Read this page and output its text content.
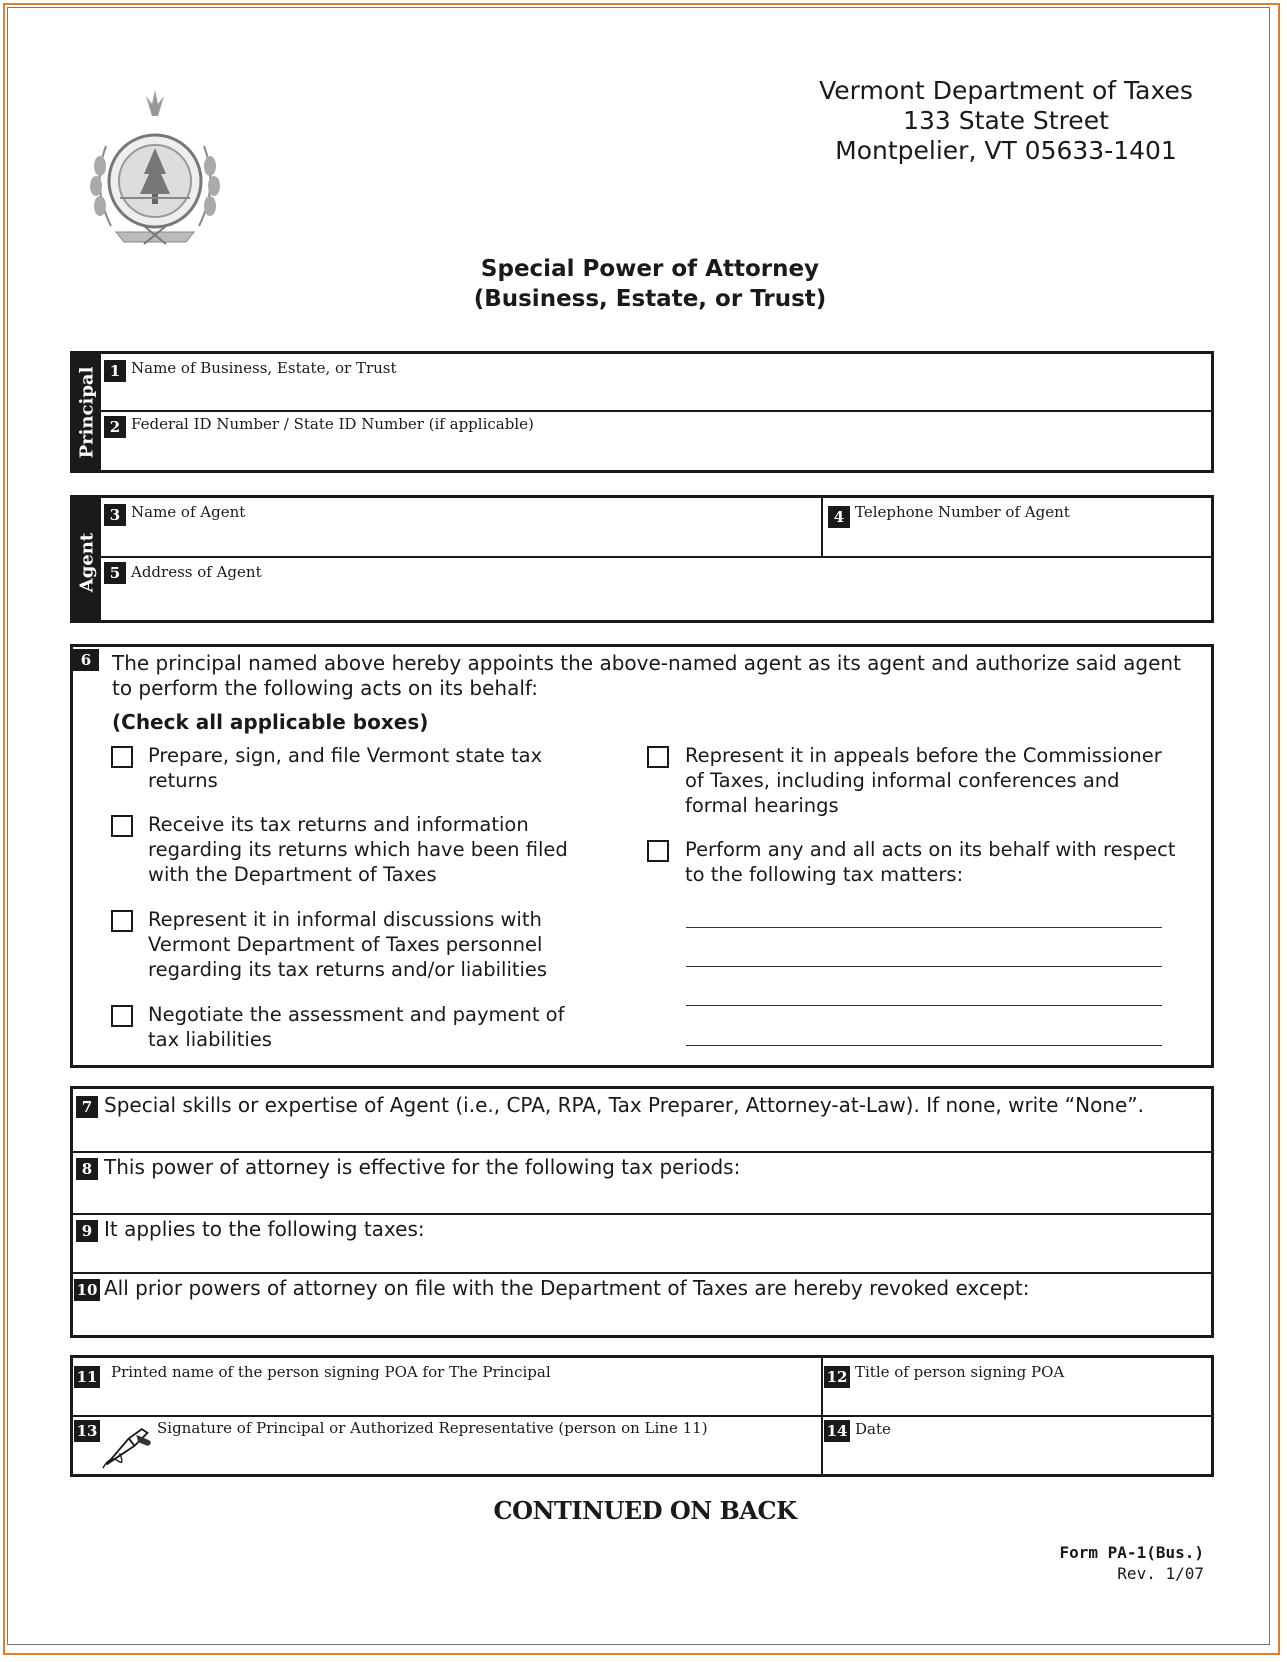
Vermont Department of Taxes
133 State Street
Montpelier, VT 05633-1401
Special Power of Attorney
(Business, Estate, or Trust)
Principal 1 Name of Business, Estate, or Trust
2 Federal ID Number / State ID Number (if applicable)
Agent
3 Name of Agent	4 Telephone Number of Agent
5 Address of Agent
6	The principal named above hereby appoints the above-named agent as its agent and authorize said agent to perform the following acts on its behalf:
(Check all applicable boxes)
Prepare, sign, and file Vermont state tax returns
Receive its tax returns and information regarding its returns which have been filed with the Department of Taxes
Represent it in informal discussions with Vermont Department of Taxes personnel regarding its tax returns and/or liabilities
Negotiate the assessment and payment of tax liabilities
Represent it in appeals before the Commissioner of Taxes, including informal conferences and formal hearings
Perform any and all acts on its behalf with respect to the following tax matters:
7 Special skills or expertise of Agent (i.e., CPA, RPA, Tax Preparer, Attorney-at-Law). If none, write “None”.
8 This power of attorney is effective for the following tax periods:
9 It applies to the following taxes:
10 All prior powers of attorney on file with the Department of Taxes are hereby revoked except:
11 Printed name of the person signing POA for The Principal	12 Title of person signing POA
13	Signature of Principal or Authorized Representative (person on Line 11)	14 Date
CONTINUED ON BACK
Form PA-1(Bus.)
Rev. 1/07
